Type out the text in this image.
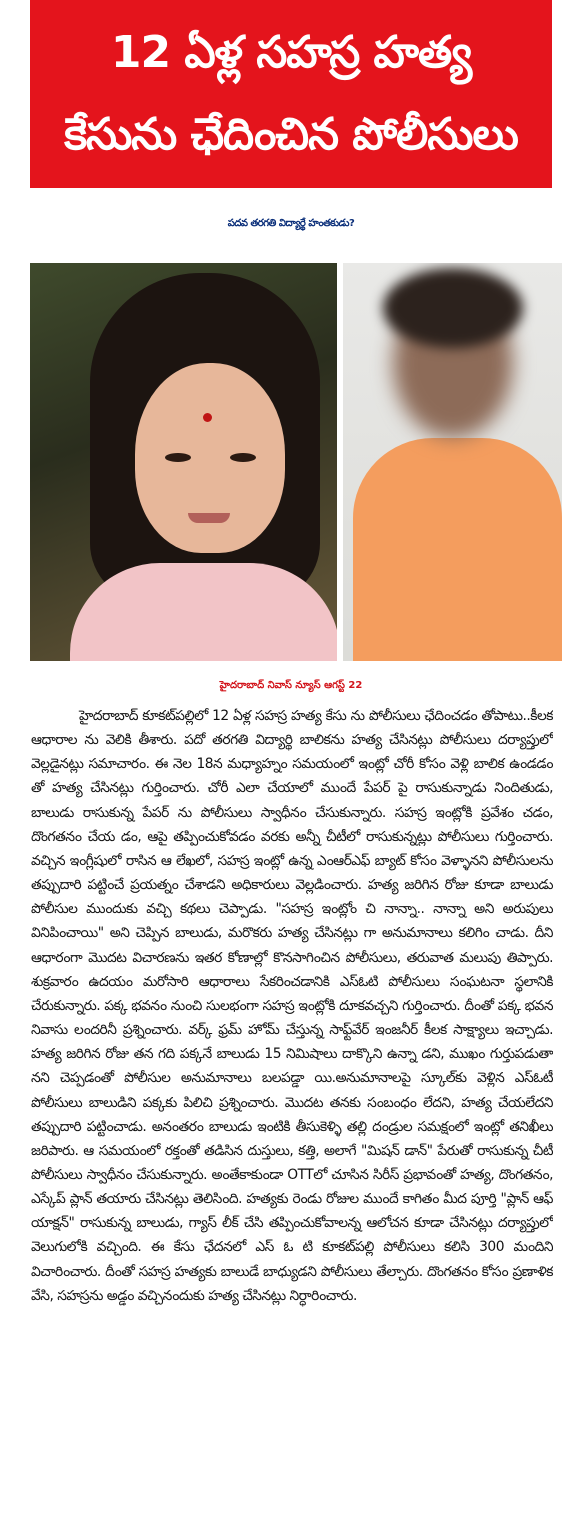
12 ఏళ్ల సహస్ర హత్య
కేసును ఛేదించిన పోలీసులు
పదవ తరగతి విద్యార్థే హంతకుడు?
హైదరాబాద్ నివాస్ న్యూస్ ఆగస్ట్ 22

హైదరాబాద్ కూకట్‌పల్లిలో 12 ఏళ్ల సహస్ర హత్య కేసు ను పోలీసులు ఛేదించడం తోపాటు..కీలక ఆధారాల ను వెలికి తీశారు. పదో తరగతి విద్యార్థి బాలికను హత్య చేసినట్లు పోలీసులు దర్యాప్తులో వెల్లడైనట్లు సమాచారం. ఈ నెల 18న మధ్యాహ్నం సమయంలో ఇంట్లో చోరీ కోసం వెళ్లి బాలిక ఉండడం తో హత్య చేసినట్లు గుర్తించారు. చోరీ ఎలా చేయాలో ముందే పేపర్ పై రాసుకున్నాడు నిందితుడు, బాలుడు రాసుకున్న పేపర్ ను పోలీసులు స్వాధీనం చేసుకున్నారు. సహస్ర ఇంట్లోకి ప్రవేశం చడం, దొంగతనం చేయ డం, ఆపై తప్పించుకోవడం వరకు అన్నీ చీటీలో రాసుకున్నట్లు పోలీసులు గుర్తించారు. వచ్చిన ఇంగ్లీషులో రాసిన ఆ లేఖలో, సహస్ర ఇంట్లో ఉన్న ఎంఆర్ఎఫ్ బ్యాట్ కోసం వెళ్ళానని పోలీసులను తప్పుదారి పట్టించే ప్రయత్నం చేశాడని అధికారులు వెల్లడించారు. హత్య జరిగిన రోజు కూడా బాలుడు పోలీసుల ముందుకు వచ్చి కథలు చెప్పాడు. "సహస్ర ఇంట్లోం చి నాన్నా.. నాన్నా అని అరుపులు వినిపించాయి" అని చెప్పిన బాలుడు, మరొకరు హత్య చేసినట్లు గా అనుమానాలు కలిగిం చాడు. దీని ఆధారంగా మొదట విచారణను ఇతర కోణాల్లో కొనసాగించిన పోలీసులు, తరువాత మలుపు తిప్పారు. శుక్రవారం ఉదయం మరోసారి ఆధారాలు సేకరించడానికి ఎస్ఓటి పోలీసులు సంఘటనా స్థలానికి చేరుకున్నారు. పక్క భవనం నుంచి సులభంగా సహస్ర ఇంట్లోకి దూకవచ్చని గుర్తించారు. దీంతో పక్క భవన నివాసు లందరినీ ప్రశ్నించారు. వర్క్ ఫ్రమ్ హోమ్ చేస్తున్న సాఫ్ట్‌వేర్ ఇంజనీర్ కీలక సాక్ష్యాలు ఇచ్చాడు. హత్య జరిగిన రోజు తన గది పక్కనే బాలుడు 15 నిమిషాలు దాక్కొని ఉన్నా డని, ముఖం గుర్తుపడుతా నని చెప్పడంతో పోలీసుల అనుమానాలు బలపడ్డా యి.అనుమానాలపై స్కూల్‌కు వెళ్లిన ఎస్ఓటీ పోలీసులు బాలుడిని పక్కకు పిలిచి ప్రశ్నించారు. మొదట తనకు సంబంధం లేదని, హత్య చేయలేదని తప్పుదారి పట్టించాడు. అనంతరం బాలుడు ఇంటికి తీసుకెళ్ళి తల్లి దండ్రుల సమక్షంలో ఇంట్లో తనిఖీలు జరిపారు. ఆ సమయంలో రక్తంతో తడిసిన దుస్తులు, కత్తి, అలాగే "మిషన్ డాన్" పేరుతో రాసుకున్న చీటీ పోలీసులు స్వాధీనం చేసుకున్నారు. అంతేకాకుండా OTTలో చూసిన సిరీస్ ప్రభావంతో హత్య, దొంగతనం, ఎస్కేప్ ప్లాన్ తయారు చేసినట్లు తెలిసింది. హత్యకు రెండు రోజుల ముందే కాగితం మీద పూర్తి "ప్లాన్ ఆఫ్ యాక్షన్" రాసుకున్న బాలుడు, గ్యాస్ లీక్ చేసి తప్పించుకోవాలన్న ఆలోచన కూడా చేసినట్లు దర్యాప్తులో వెలుగులోకి వచ్చింది. ఈ కేసు ఛేదనలో ఎస్ ఓ టి కూకట్‌పల్లి పోలీసులు కలిసి 300 మందిని విచారించారు. దీంతో సహస్ర హత్యకు బాలుడే బాధ్యుడని పోలీసులు తేల్చారు. దొంగతనం కోసం ప్రణాళిక వేసి, సహస్రను అడ్డం వచ్చినందుకు హత్య చేసినట్లు నిర్ధారించారు.
